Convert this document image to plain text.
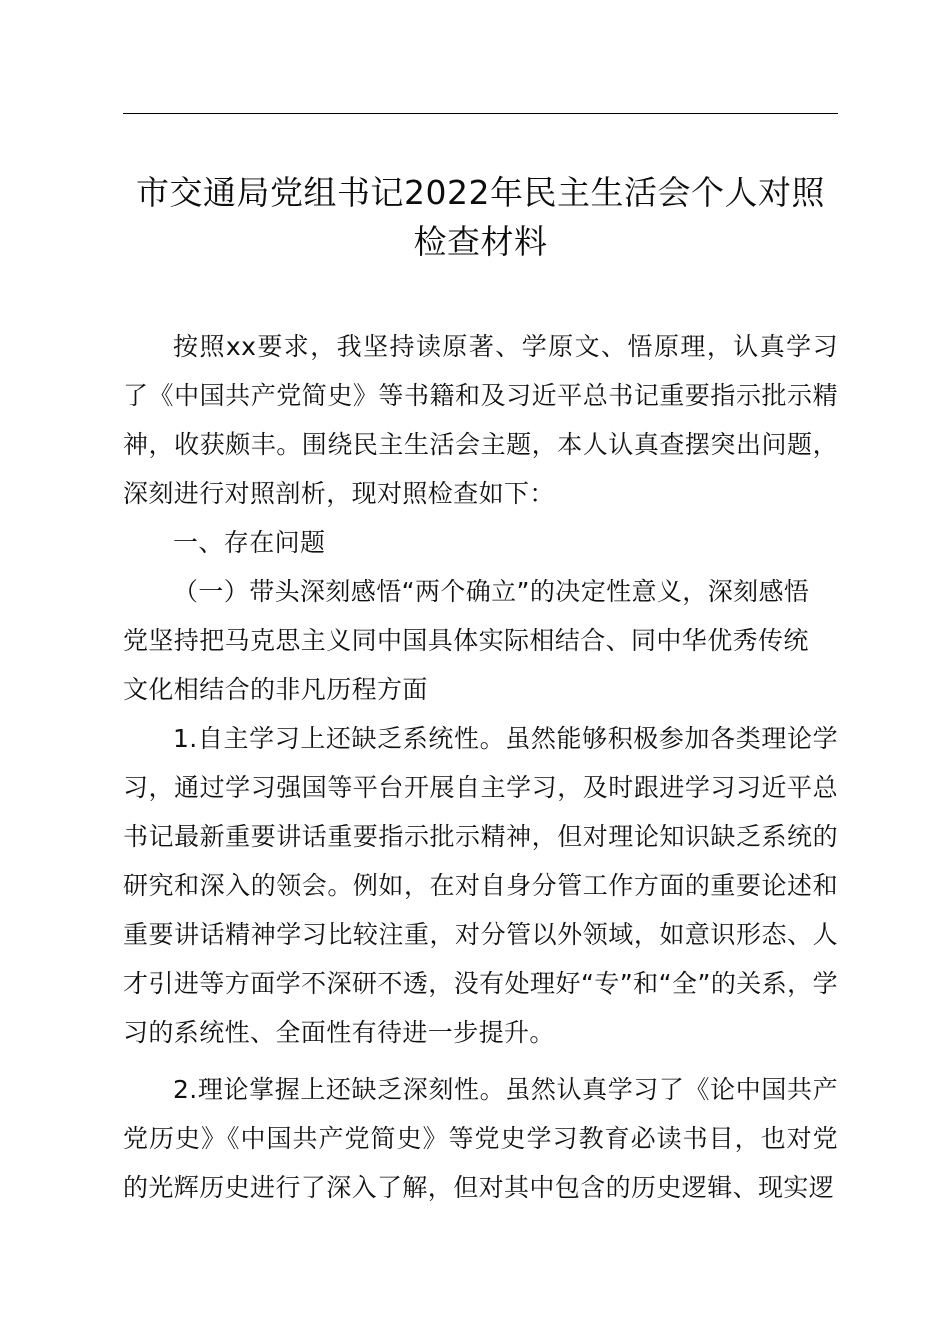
市交通局党组书记2022年民主生活会个人对照检查材料

按照xx要求，我坚持读原著、学原文、悟原理，认真学习了《中国共产党简史》等书籍和及习近平总书记重要指示批示精神，收获颇丰。围绕民主生活会主题，本人认真查摆突出问题，深刻进行对照剖析，现对照检查如下：

一、存在问题

（一）带头深刻感悟“两个确立”的决定性意义，深刻感悟党坚持把马克思主义同中国具体实际相结合、同中华优秀传统文化相结合的非凡历程方面

1.自主学习上还缺乏系统性。虽然能够积极参加各类理论学习，通过学习强国等平台开展自主学习，及时跟进学习习近平总书记最新重要讲话重要指示批示精神，但对理论知识缺乏系统的研究和深入的领会。例如，在对自身分管工作方面的重要论述和重要讲话精神学习比较注重，对分管以外领域，如意识形态、人才引进等方面学不深研不透，没有处理好“专”和“全”的关系，学习的系统性、全面性有待进一步提升。

2.理论掌握上还缺乏深刻性。虽然认真学习了《论中国共产党历史》《中国共产党简史》等党史学习教育必读书目，也对党的光辉历史进行了深入了解，但对其中包含的历史逻辑、现实逻
